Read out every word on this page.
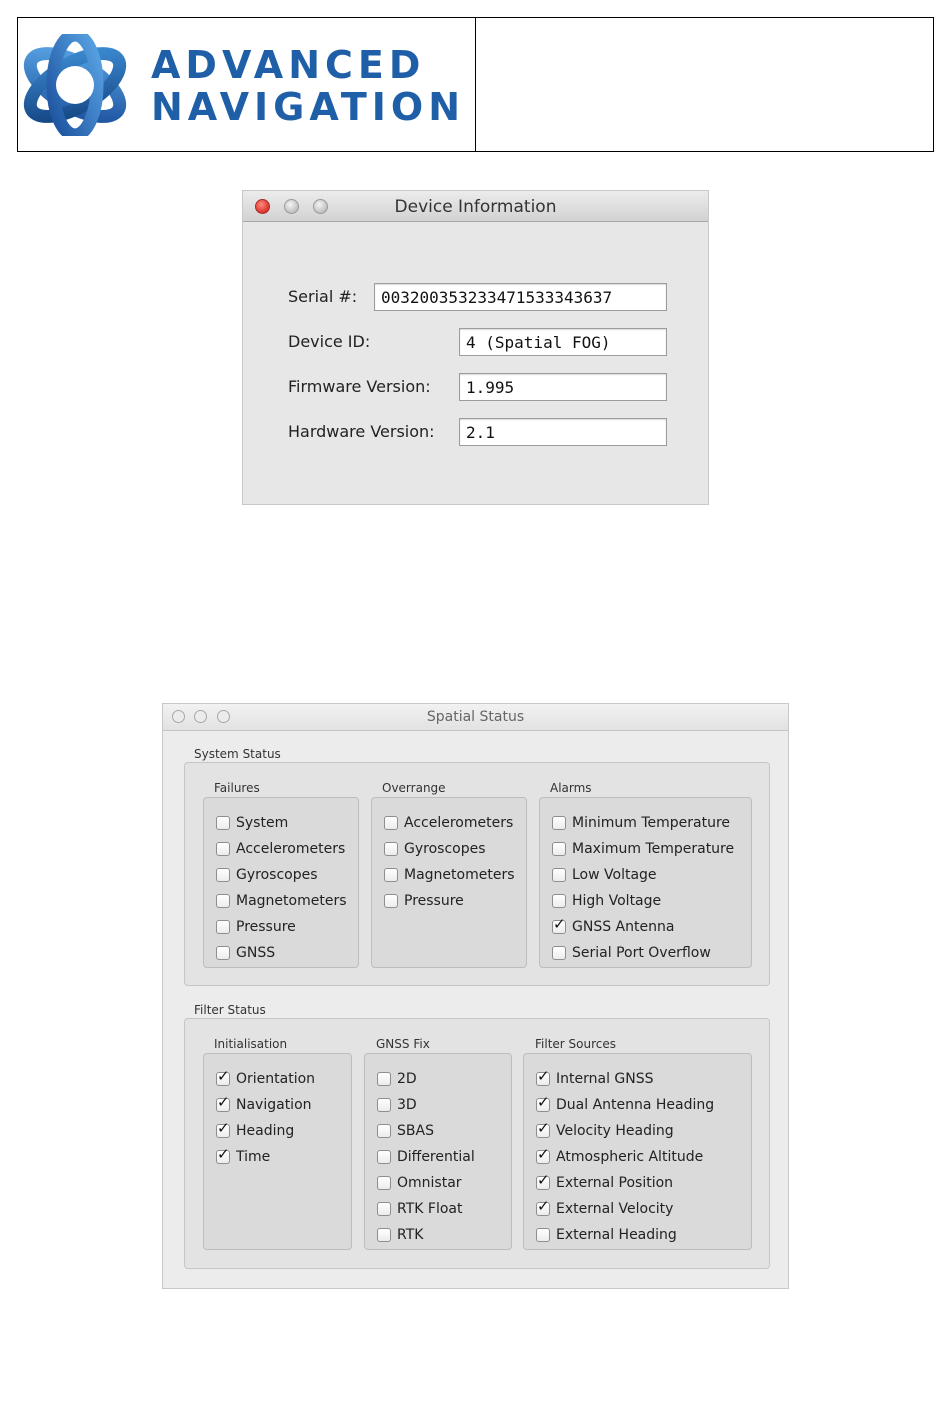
ADVANCED
NAVIGATION
Device Information
Serial #:	003200353233471533343637
Device ID:	4 (Spatial FOG)
Firmware Version:	1.995
Hardware Version:	2.1
Spatial Status
System Status
Failures
System
Accelerometers
Gyroscopes
Magnetometers
Pressure
GNSS
Overrange
Accelerometers
Gyroscopes
Magnetometers
Pressure
Alarms
Minimum Temperature
Maximum Temperature
Low Voltage
High Voltage
✓ GNSS Antenna
Serial Port Overflow
Filter Status
Initialisation
✓ Orientation
✓ Navigation
✓ Heading
✓ Time
GNSS Fix
2D
3D
SBAS
Differential
Omnistar
RTK Float
RTK
Filter Sources
✓ Internal GNSS
✓ Dual Antenna Heading
✓ Velocity Heading
✓ Atmospheric Altitude
✓ External Position
✓ External Velocity
External Heading
